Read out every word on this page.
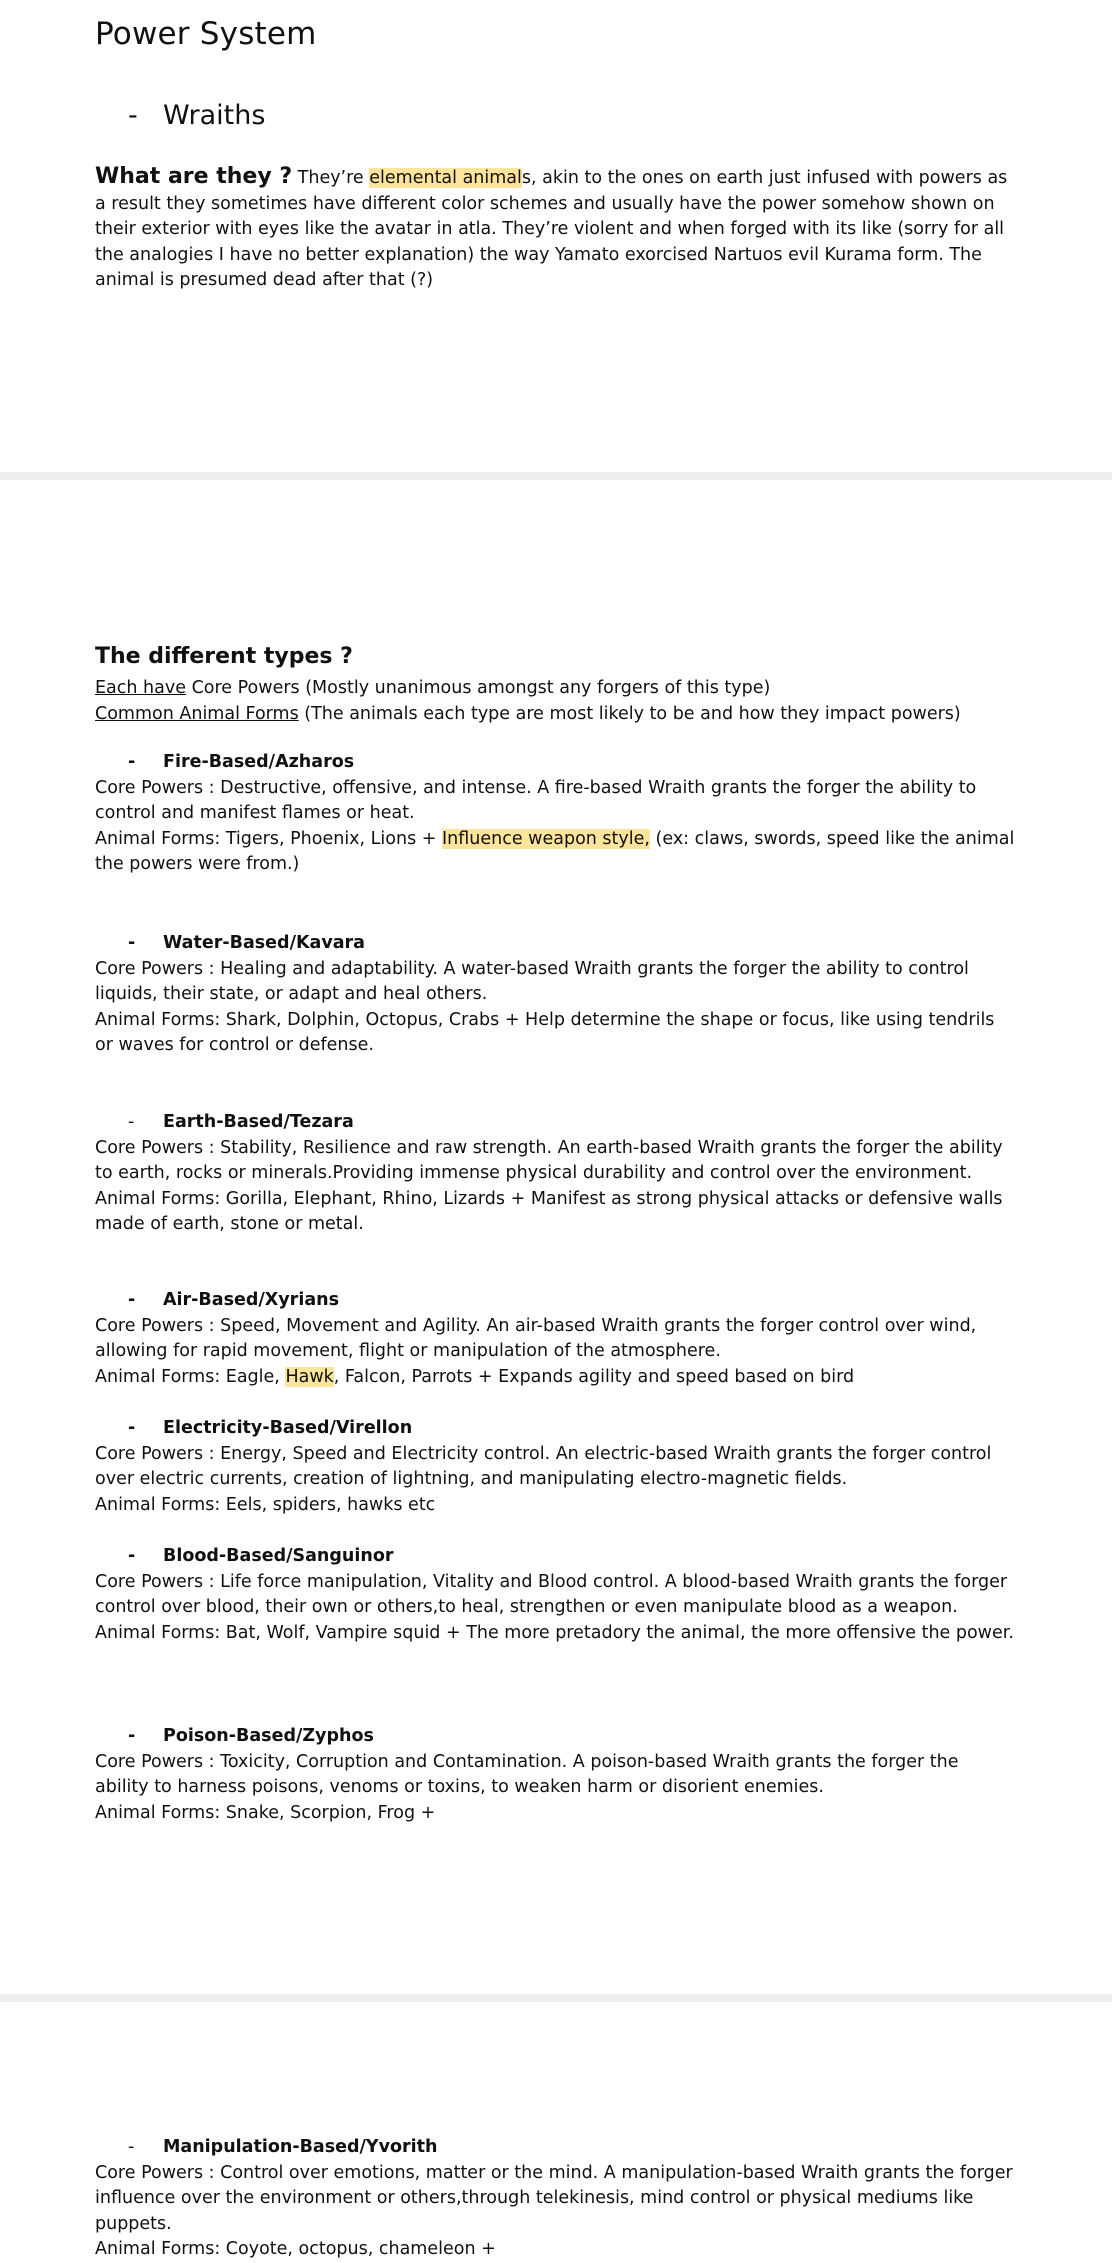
Power System
- Wraiths

What are they ? They’re elemental animals, akin to the ones on earth just infused with powers as a result they sometimes have different color schemes and usually have the power somehow shown on their exterior with eyes like the avatar in atla. They’re violent and when forged with its like (sorry for all the analogies I have no better explanation) the way Yamato exorcised Nartuos evil Kurama form. The animal is presumed dead after that (?)

The different types ?
Each have Core Powers (Mostly unanimous amongst any forgers of this type)
Common Animal Forms (The animals each type are most likely to be and how they impact powers)
-	Fire-Based/Azharos
Core Powers : Destructive, offensive, and intense. A fire-based Wraith grants the forger the ability to control and manifest flames or heat.
Animal Forms: Tigers, Phoenix, Lions + Influence weapon style, (ex: claws, swords, speed like the animal the powers were from.)
-	Water-Based/Kavara
Core Powers : Healing and adaptability. A water-based Wraith grants the forger the ability to control liquids, their state, or adapt and heal others.
Animal Forms: Shark, Dolphin, Octopus, Crabs + Help determine the shape or focus, like using tendrils or waves for control or defense.
-	Earth-Based/Tezara
Core Powers : Stability, Resilience and raw strength. An earth-based Wraith grants the forger the ability to earth, rocks or minerals.Providing immense physical durability and control over the environment.
Animal Forms: Gorilla, Elephant, Rhino, Lizards + Manifest as strong physical attacks or defensive walls made of earth, stone or metal.
-	Air-Based/Xyrians
Core Powers : Speed, Movement and Agility. An air-based Wraith grants the forger control over wind, allowing for rapid movement, flight or manipulation of the atmosphere.
Animal Forms: Eagle, Hawk, Falcon, Parrots + Expands agility and speed based on bird
-	Electricity-Based/Virellon
Core Powers : Energy, Speed and Electricity control. An electric-based Wraith grants the forger control over electric currents, creation of lightning, and manipulating electro-magnetic fields.
Animal Forms: Eels, spiders, hawks etc
-	Blood-Based/Sanguinor
Core Powers : Life force manipulation, Vitality and Blood control. A blood-based Wraith grants the forger control over blood, their own or others,to heal, strengthen or even manipulate blood as a weapon.
Animal Forms: Bat, Wolf, Vampire squid + The more pretadory the animal, the more offensive the power.
-	Poison-Based/Zyphos
Core Powers : Toxicity, Corruption and Contamination. A poison-based Wraith grants the forger the ability to harness poisons, venoms or toxins, to weaken harm or disorient enemies.
Animal Forms: Snake, Scorpion, Frog +
-	Manipulation-Based/Yvorith
Core Powers : Control over emotions, matter or the mind. A manipulation-based Wraith grants the forger influence over the environment or others,through telekinesis, mind control or physical mediums like puppets.
Animal Forms: Coyote, octopus, chameleon +
